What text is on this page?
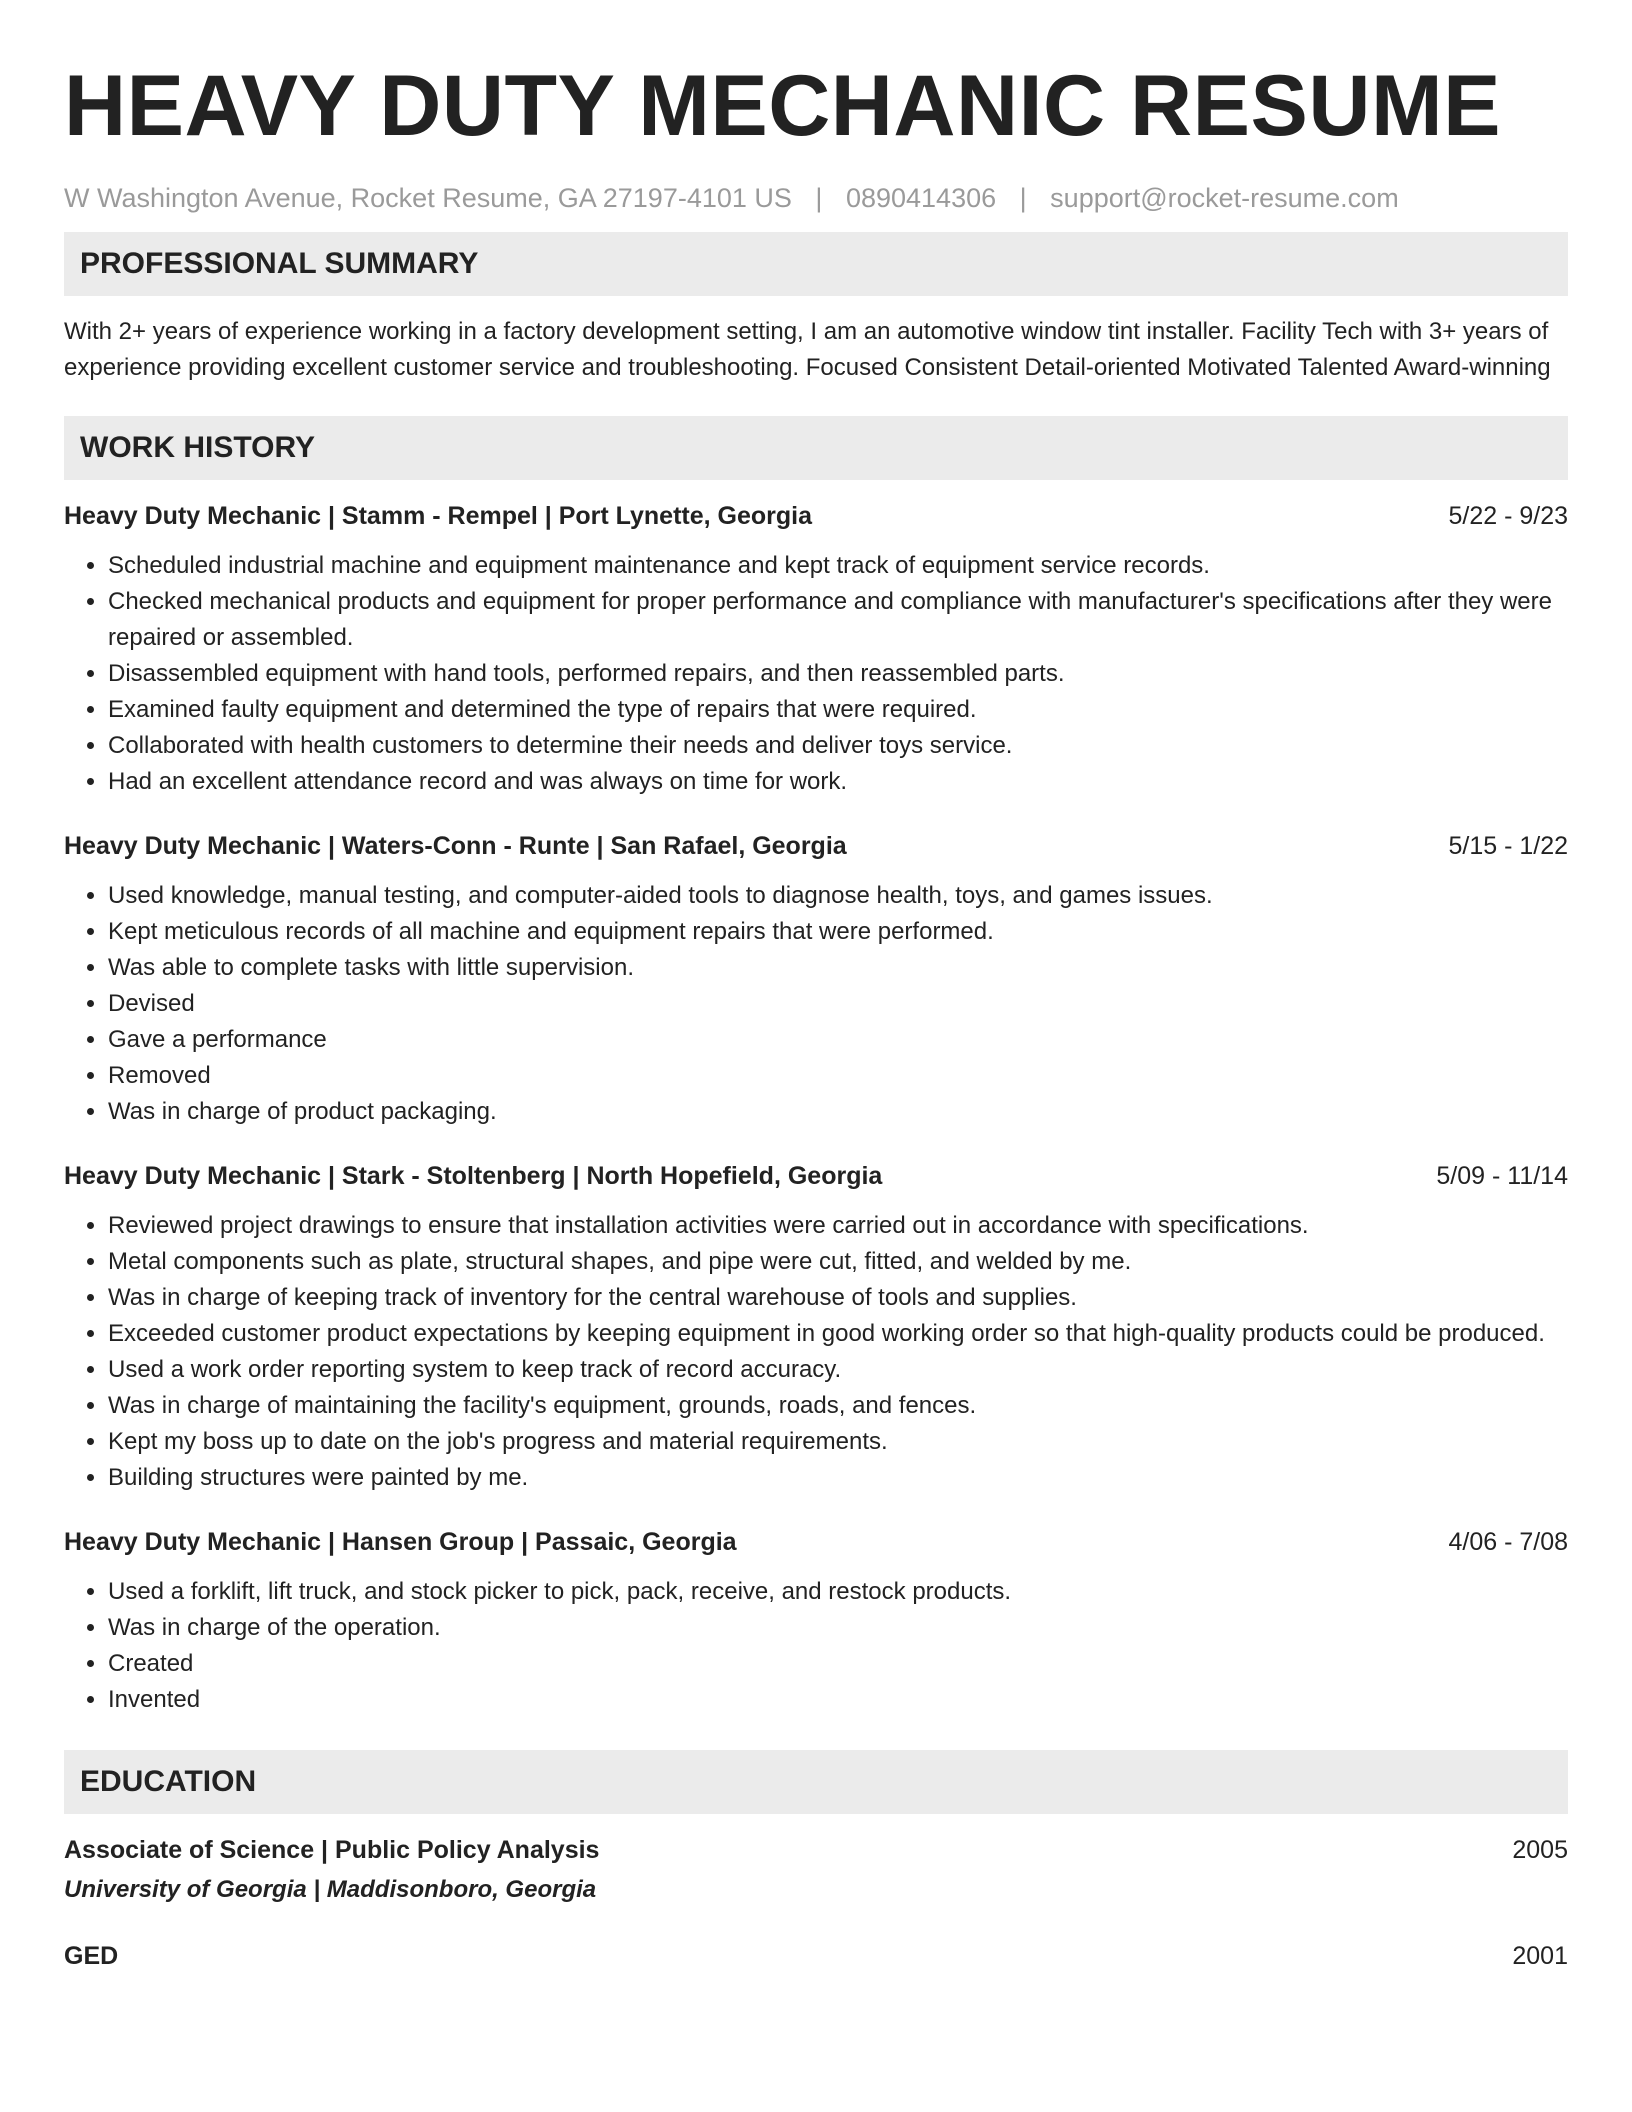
HEAVY DUTY MECHANIC RESUME
W Washington Avenue, Rocket Resume, GA 27197-4101 US | 0890414306 | support@rocket-resume.com
PROFESSIONAL SUMMARY

With 2+ years of experience working in a factory development setting, I am an automotive window tint installer. Facility Tech with 3+ years of experience providing excellent customer service and troubleshooting. Focused Consistent Detail-oriented Motivated Talented Award-winning

WORK HISTORY
Heavy Duty Mechanic | Stamm - Rempel | Port Lynette, Georgia	5/22 - 9/23
• Scheduled industrial machine and equipment maintenance and kept track of equipment service records.
• Checked mechanical products and equipment for proper performance and compliance with manufacturer's specifications after they were repaired or assembled.
• Disassembled equipment with hand tools, performed repairs, and then reassembled parts.
• Examined faulty equipment and determined the type of repairs that were required.
• Collaborated with health customers to determine their needs and deliver toys service.
• Had an excellent attendance record and was always on time for work.
Heavy Duty Mechanic | Waters-Conn - Runte | San Rafael, Georgia	5/15 - 1/22
• Used knowledge, manual testing, and computer-aided tools to diagnose health, toys, and games issues.
• Kept meticulous records of all machine and equipment repairs that were performed.
• Was able to complete tasks with little supervision.
• Devised
• Gave a performance
• Removed
• Was in charge of product packaging.
Heavy Duty Mechanic | Stark - Stoltenberg | North Hopefield, Georgia	5/09 - 11/14
• Reviewed project drawings to ensure that installation activities were carried out in accordance with specifications.
• Metal components such as plate, structural shapes, and pipe were cut, fitted, and welded by me.
• Was in charge of keeping track of inventory for the central warehouse of tools and supplies.
• Exceeded customer product expectations by keeping equipment in good working order so that high-quality products could be produced.
• Used a work order reporting system to keep track of record accuracy.
• Was in charge of maintaining the facility's equipment, grounds, roads, and fences.
• Kept my boss up to date on the job's progress and material requirements.
• Building structures were painted by me.
Heavy Duty Mechanic | Hansen Group | Passaic, Georgia	4/06 - 7/08
• Used a forklift, lift truck, and stock picker to pick, pack, receive, and restock products.
• Was in charge of the operation.
• Created
• Invented
EDUCATION
Associate of Science | Public Policy Analysis	2005
University of Georgia | Maddisonboro, Georgia
GED	2001
